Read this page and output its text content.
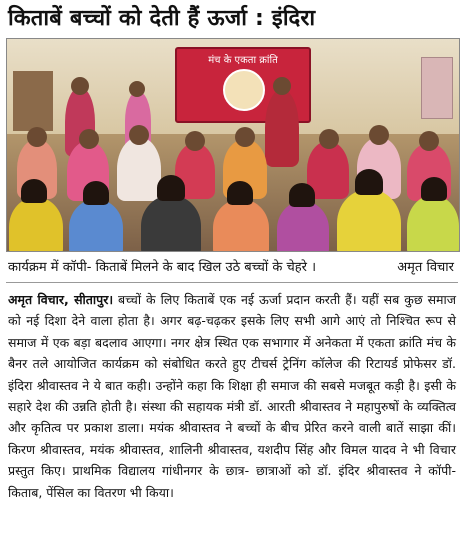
किताबें बच्चों को देती हैं ऊर्जा : इंदिरा
मंच के एकता क्रांति
कार्यक्रम में कॉपी- किताबें मिलने के बाद खिल उठे बच्चों के चेहरे ।	अमृत विचार

अमृत विचार, सीतापुर। बच्चों के लिए किताबें एक नई ऊर्जा प्रदान करती हैं। यहीं सब कुछ समाज को नई दिशा देने वाला होता है। अगर बढ़-चढ़कर इसके लिए सभी आगे आएं तो निश्चित रूप से समाज में एक बड़ा बदलाव आएगा। नगर क्षेत्र स्थित एक सभागार में अनेकता में एकता क्रांति मंच के बैनर तले आयोजित कार्यक्रम को संबोधित करते हुए टीचर्स ट्रेनिंग कॉलेज की रिटायर्ड प्रोफेसर डॉ. इंदिरा श्रीवास्तव ने ये बात कही। उन्होंने कहा कि शिक्षा ही समाज की सबसे मजबूत कड़ी है। इसी के सहारे देश की उन्नति होती है। संस्था की सहायक मंत्री डॉ. आरती श्रीवास्तव ने महापुरुषों के व्यक्तित्व और कृतित्व पर प्रकाश डाला। मयंक श्रीवास्तव ने बच्चों के बीच प्रेरित करने वाली बातें साझा कीं। किरण श्रीवास्तव, मयंक श्रीवास्तव, शालिनी श्रीवास्तव, यशदीप सिंह और विमल यादव ने भी विचार प्रस्तुत किए। प्राथमिक विद्यालय गांधीनगर के छात्र- छात्राओं को डॉ. इंदिर श्रीवास्तव ने कॉपी- किताब, पेंसिल का वितरण भी किया।
